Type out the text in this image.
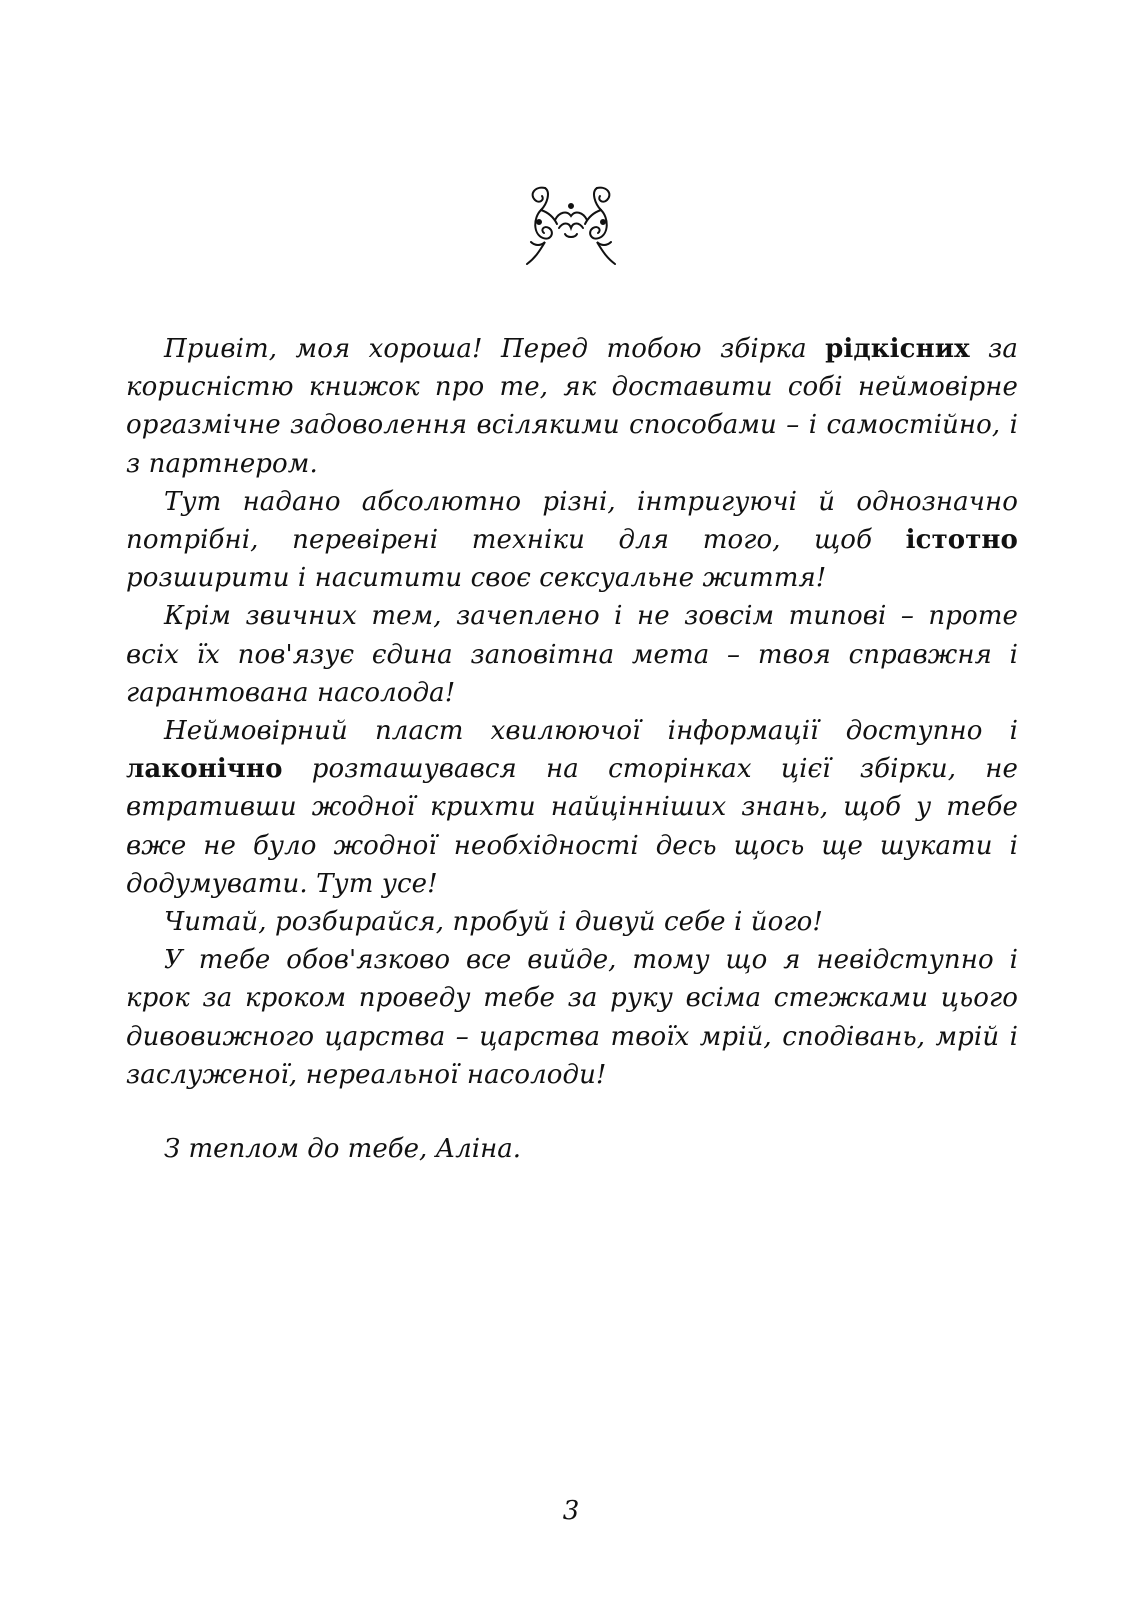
Привіт, моя хороша! Перед тобою збірка рідкісних за корисністю книжок про те, як доставити собі неймовірне оргазмічне задоволення всілякими способами – і самостійно, і з партнером.

Тут надано абсолютно різні, інтригуючі й однозначно потрібні, перевірені техніки для того, щоб істотно розширити і наситити своє сексуальне життя!

Крім звичних тем, зачеплено і не зовсім типові – проте всіх їх пов'язує єдина заповітна мета – твоя справжня і гарантована насолода!

Неймовірний пласт хвилюючої інформації доступно і лаконічно розташувався на сторінках цієї збірки, не втративши жодної крихти найцінніших знань, щоб у тебе вже не було жодної необхідності десь щось ще шукати і додумувати. Тут усе!

Читай, розбирайся, пробуй і дивуй себе і його!

У тебе обов'язково все вийде, тому що я невідступно і крок за кроком проведу тебе за руку всіма стежками цього дивовижного царства – царства твоїх мрій, сподівань, мрій і заслуженої, нереальної насолоди!

З теплом до тебе, Аліна.
3
